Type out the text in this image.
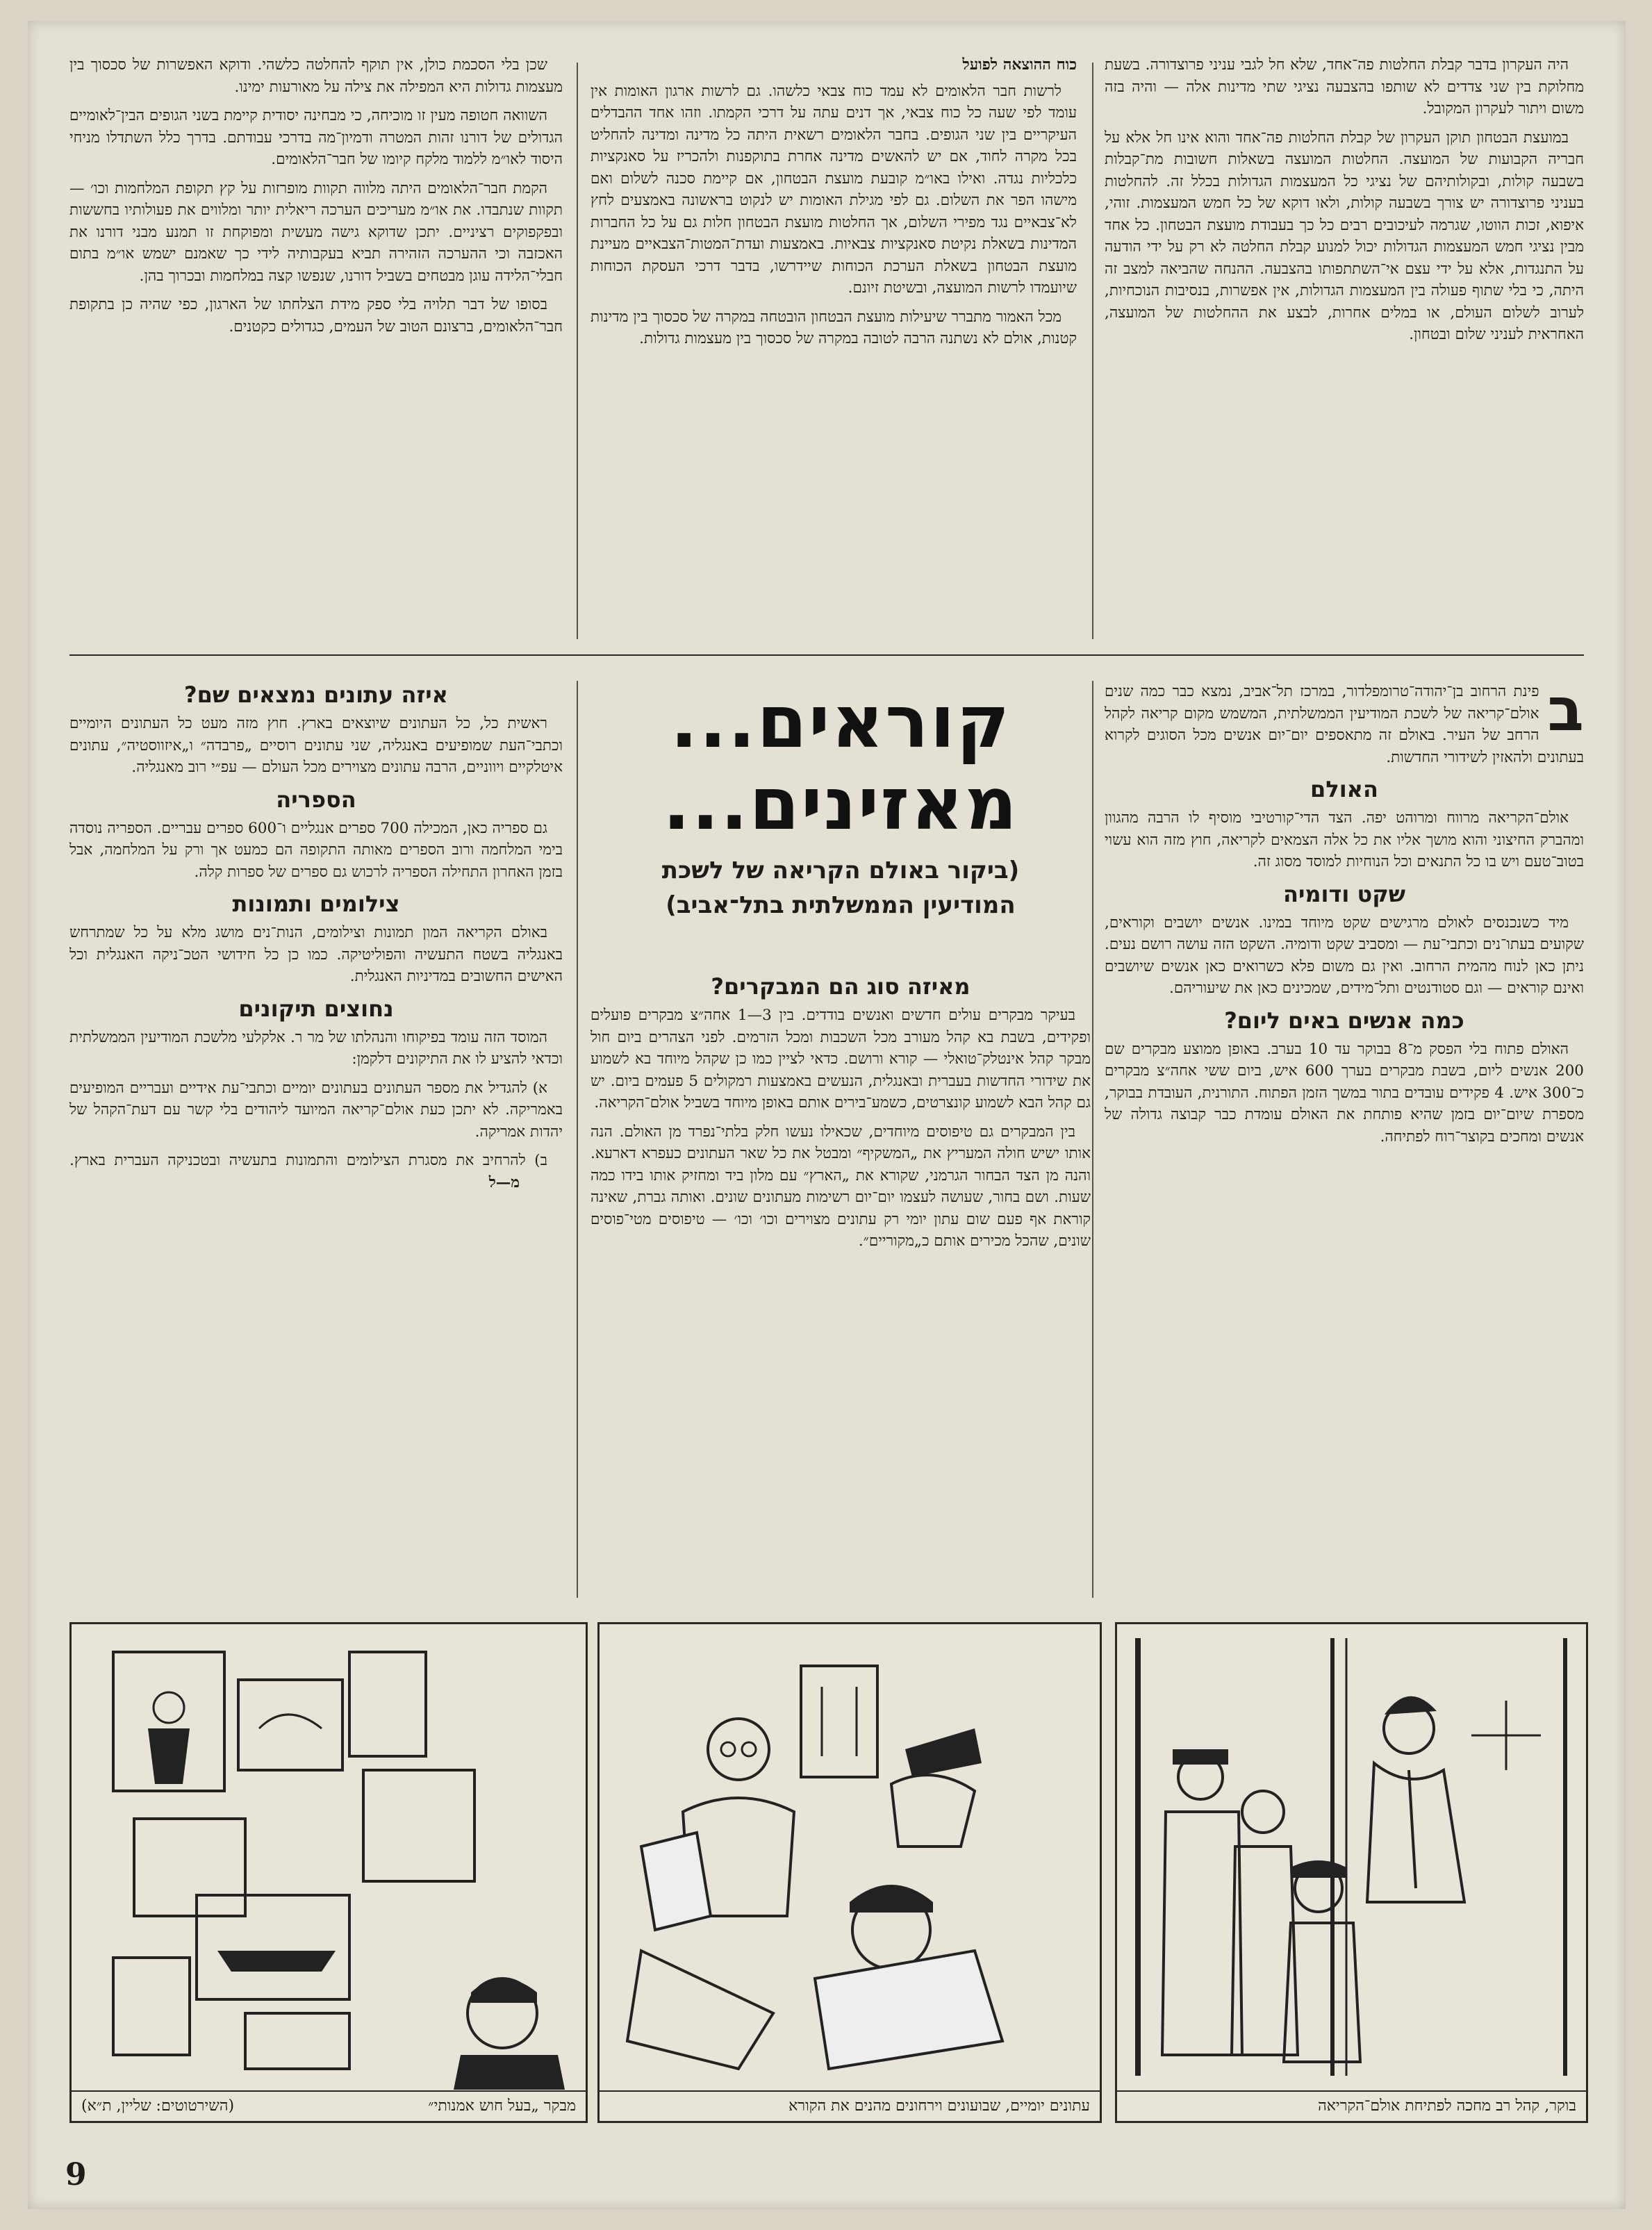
היה העקרון בדבר קבלת החלטות פה־אחד, שלא חל לגבי עניני פרוצדורה. בשעת מחלוקת בין שני צדדים לא שותפו בהצבעה נציגי שתי מדינות אלה — והיה בזה משום ויתור לעקרון המקובל.

במועצת הבטחון תוקן העקרון של קבלת החלטות פה־אחד והוא אינו חל אלא על חבריה הקבועות של המועצה. החלטות המועצה בשאלות חשובות מת־קבלות בשבעה קולות, ובקולותיהם של נציגי כל המעצמות הגדולות בכלל זה. להחלטות בעניני פרוצדורה יש צורך בשבעה קולות, ולאו דוקא של כל חמש המעצמות. זוהי, איפוא, זכות הווטו, שגרמה לעיכובים רבים כל כך בעבודת מועצת הבטחון. כל אחד מבין נציגי חמש המעצמות הגדולות יכול למנוע קבלת החלטה לא רק על ידי הודעה על התנגדות, אלא על ידי עצם אי־השתתפותו בהצבעה. ההנחה שהביאה למצב זה היתה, כי בלי שתוף פעולה בין המעצמות הגדולות, אין אפשרות, בנסיבות הנוכחיות, לערוב לשלום העולם, או במלים אחרות, לבצע את ההחלטות של המועצה, האחראית לעניני שלום ובטחון.

כוח ההוצאה לפועל

לרשות חבר הלאומים לא עמד כוח צבאי כלשהו. גם לרשות ארגון האומות אין עומד לפי שעה כל כוח צבאי, אך דנים עתה על דרכי הקמתו. וזהו אחד ההבדלים העיקריים בין שני הגופים. בחבר הלאומים רשאית היתה כל מדינה ומדינה להחליט בכל מקרה לחוד, אם יש להאשים מדינה אחרת בתוקפנות ולהכריז על סאנקציות כלכליות נגדה. ואילו באו״מ קובעת מועצת הבטחון, אם קיימת סכנה לשלום ואם מישהו הפר את השלום. גם לפי מגילת האומות יש לנקוט בראשונה באמצעים לחץ לא־צבאיים נגד מפירי השלום, אך החלטות מועצת הבטחון חלות גם על כל החברות המדינות בשאלת נקיטת סאנקציות צבאיות. באמצעות ועדת־המטות־הצבאיים מעיינת מועצת הבטחון בשאלת הערכת הכוחות שיידרשו, בדבר דרכי העסקת הכוחות שיועמדו לרשות המועצה, ובשיטת זיונם.

מכל האמור מתברר שיעילות מועצת הבטחון הובטחה במקרה של סכסוך בין מדינות קטנות, אולם לא נשתנה הרבה לטובה במקרה של סכסוך בין מעצמות גדולות.

שכן בלי הסכמת כולן, אין תוקף להחלטה כלשהי. ודוקא האפשרות של סכסוך בין מעצמות גדולות היא המפילה את צילה על מאורעות ימינו.

השוואה חטופה מעין זו מוכיחה, כי מבחינה יסודית קיימת בשני הגופים הבין־לאומיים הגדולים של דורנו זהות המטרה ודמיון־מה בדרכי עבודתם. בדרך כלל השתדלו מניחי היסוד לאו״מ ללמוד מלקח קיומו של חבר־הלאומים.

הקמת חבר־הלאומים היתה מלווה תקוות מופרזות על קץ תקופת המלחמות וכו׳ — תקוות שנתבדו. את או״מ מעריכים הערכה ריאלית יותר ומלווים את פעולותיו בחששות ובפקפוקים רציניים. יתכן שדוקא גישה מעשית ומפוקחת זו תמנע מבני דורנו את האכזבה וכי ההערכה הזהירה תביא בעקבותיה לידי כך שאמנם ישמש או״מ בתום חבלי־הלידה עוגן מבטחים בשביל דורנו, שנפשו קצה במלחמות ובכרוך בהן.

בסופו של דבר תלויה בלי ספק מידת הצלחתו של הארגון, כפי שהיה כן בתקופת חבר־הלאומים, ברצונם הטוב של העמים, כגדולים כקטנים.

קוראים...
מאזינים...
(ביקור באולם הקריאה של לשכת המודיעין הממשלתית בתל־אביב)

ב
פינת הרחוב בן־יהודה־טרומפלדור, במרכז תל־אביב, נמצא כבר כמה שנים אולם־קריאה של לשכת המודיעין הממשלתית, המשמש מקום קריאה לקהל הרחב של העיר. באולם זה מתאספים יום־יום אנשים מכל הסוגים לקרוא בעתונים ולהאזין לשידורי החדשות.

האולם

אולם־הקריאה מרווח ומרוהט יפה. הצד הדי־קורטיבי מוסיף לו הרבה מהגוון ומהברק החיצוני והוא מושך אליו את כל אלה הצמאים לקריאה, חוץ מזה הוא עשוי בטוב־טעם ויש בו כל התנאים וכל הנוחיות למוסד מסוג זה.

שקט ודומיה

מיד כשנכנסים לאולם מרגישים שקט מיוחד במינו. אנשים יושבים וקוראים, שקועים בעתו־נים וכתבי־עת — ומסביב שקט ודומיה. השקט הזה עושה רושם נעים. ניתן כאן לנוח מהמית הרחוב. ואין גם משום פלא כשרואים כאן אנשים שיושבים ואינם קוראים — וגם סטודנטים ותל־מידים, שמכינים כאן את שיעוריהם.

כמה אנשים באים ליום?

האולם פתוח בלי הפסק מ־8 בבוקר עד 10 בערב. באופן ממוצע מבקרים שם 200 אנשים ליום, בשבת מבקרים בערך 600 איש, ביום ששי אחה״צ מבקרים כ־300 איש. 4 פקידים עובדים בתור במשך הזמן הפתוח. התורנית, העובדת בבוקר, מספרת שיום־יום בזמן שהיא פותחת את האולם עומדת כבר קבוצה גדולה של אנשים ומחכים בקוצר־רוח לפתיחה.

מאיזה סוג הם המבקרים?

בעיקר מבקרים עולים חדשים ואנשים בודדים. בין 3—1 אחה״צ מבקרים פועלים ופקידים, בשבת בא קהל מעורב מכל השכבות ומכל הזרמים. לפני הצהרים ביום חול מבקר קהל אינטלק־טואלי — קורא ורושם. כדאי לציין כמו כן שקהל מיוחד בא לשמוע את שידורי החדשות בעברית ובאנגלית, הנעשים באמצעות רמקולים 5 פעמים ביום. יש גם קהל הבא לשמוע קונצרטים, כשמע־בירים אותם באופן מיוחד בשביל אולם־הקריאה.

בין המבקרים גם טיפוסים מיוחדים, שכאילו נעשו חלק בלתי־נפרד מן האולם. הנה אותו ישיש חולה המעריץ את „המשקיף״ ומבטל את כל שאר העתונים כעפרא דארעא. והנה מן הצד הבחור הגרמני, שקורא את „הארץ״ עם מלון ביד ומחזיק אותו בידו כמה שעות. ושם בחור, שעושה לעצמו יום־יום רשימות מעתונים שונים. ואותה גברת, שאינה קוראת אף פעם שום עתון יומי רק עתונים מצוירים וכו׳ וכו׳ — טיפוסים מטי־פוסים שונים, שהכל מכירים אותם כ„מקוריים״.

איזה עתונים נמצאים שם?

ראשית כל, כל העתונים שיוצאים בארץ. חוץ מזה מעט כל העתונים היומיים וכתבי־העת שמופיעים באנגליה, שני עתונים רוסיים „פרבדה״ ו„איזווסטיה״, עתונים איטלקיים ויווניים, הרבה עתונים מצוירים מכל העולם — עפ״י רוב מאנגליה.

הספריה

גם ספריה כאן, המכילה 700 ספרים אנגליים ו־600 ספרים עבריים. הספריה נוסדה בימי המלחמה ורוב הספרים מאותה התקופה הם כמעט אך ורק על המלחמה, אבל בזמן האחרון התחילה הספריה לרכוש גם ספרים של ספרות קלה.

צילומים ותמונות

באולם הקריאה המון תמונות וצילומים, הנות־נים מושג מלא על כל שמתרחש באנגליה בשטח התעשיה והפוליטיקה. כמו כן כל חידושי הטכ־ניקה האנגלית וכל האישים החשובים במדיניות האנגלית.

נחוצים תיקונים

המוסד הזה עומד בפיקוחו והנהלתו של מר ר. אלקלעי מלשכת המודיעין הממשלתית וכדאי להציע לו את התיקונים דלקמן:

א) להגדיל את מספר העתונים בעתונים יומיים וכתבי־עת אידיים ועבריים המופיעים באמריקה. לא יתכן כעת אולם־קריאה המיועד ליהודים בלי קשר עם דעת־הקהל של יהדות אמריקה.

ב) להרחיב את מסגרת הצילומים והתמונות בתעשיה ובטכניקה העברית בארץ. מ—ל

בוקר, קהל רב מחכה לפתיחת אולם־הקריאה
עתונים יומיים, שבועונים וירחונים מהנים את הקורא
מבקר „בעל חוש אמנותי״
(השירטוטים: שליין, ת״א)
9
